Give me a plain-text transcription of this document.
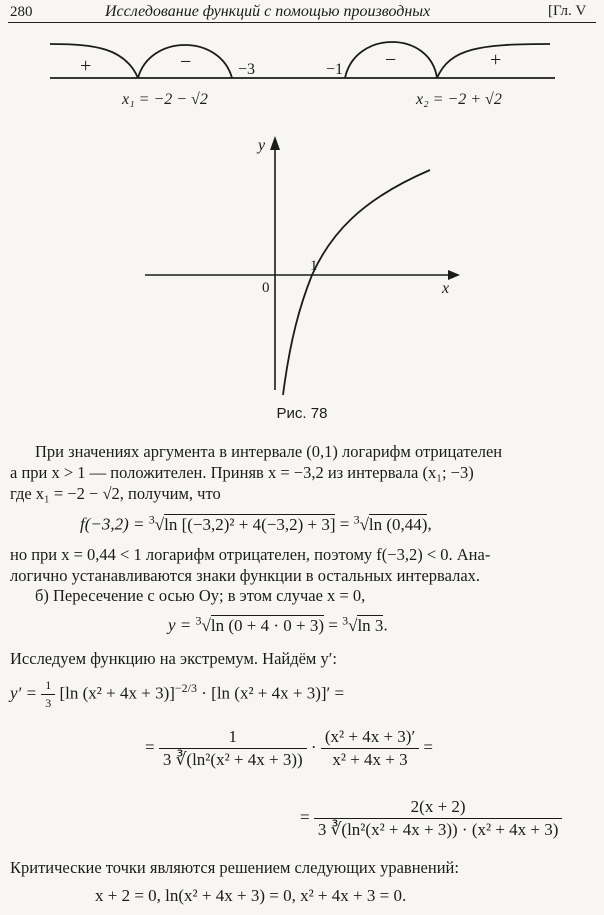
280	Исследование функций с помощью производных	[Гл. V
+	−	−	+
−3	−1
x₁ = −2 − √2	x₂ = −2 + √2
y
x
0
1
Рис. 78
При значениях аргумента в интервале (0,1) логарифм отрицателен
а при x > 1 — положителен. Приняв x = −3,2 из интервала (x₁; −3)
где x₁ = −2 − √2, получим, что
f(−3,2) = $^3$√ln [(−3,2)² + 4(−3,2) + 3] = $^3$√ln (0,44),
но при x = 0,44 < 1 логарифм отрицателен, поэтому f(−3,2) < 0. Ана-
логично устанавливаются знаки функции в остальных интервалах.
б) Пересечение с осью Oy; в этом случае x = 0,
y = $^3$√ln (0 + 4 · 0 + 3) = $^3$√ln 3.
Исследуем функцию на экстремум. Найдём y′:
$y' = \frac{1}{3} [\ln$ (x² + 4x + 3)]$^{-2/3}$ · [ln (x² + 4x + 3)]′ =
= $\frac{1}{\text{3 ∛(ln²(x² + 4x + 3))}} \cdot \frac{\text{(x² + 4x + 3)′}}{\text{x² + 4x + 3}}$ =
= $\frac{2(x + 2)}{\text{3 ∛(ln²(x² + 4x + 3)) · (x² + 4x + 3)}}$
Критические точки являются решением следующих уравнений:
x + 2 = 0, ln(x² + 4x + 3) = 0, x² + 4x + 3 = 0.
